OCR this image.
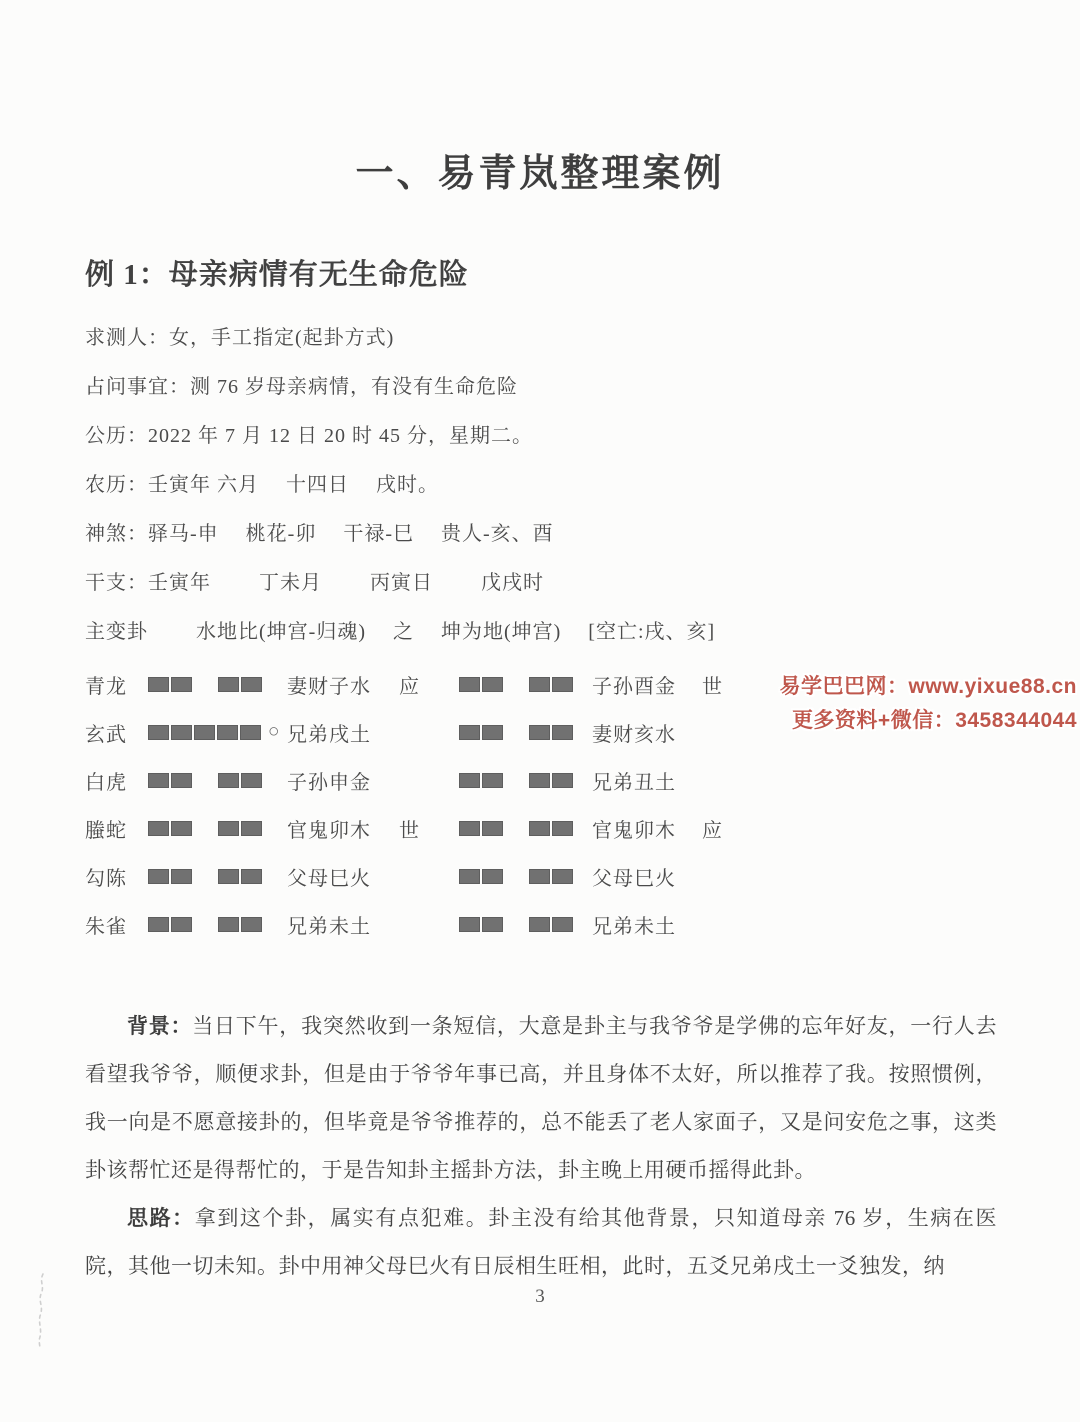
一、易青岚整理案例
例 1：母亲病情有无生命危险
求测人：女，手工指定(起卦方式)
占问事宜：测 76 岁母亲病情，有没有生命危险
公历：2022 年 7 月 12 日 20 时 45 分，星期二。
农历：壬寅年 六月　 十四日　 戌时。
神煞：驿马-申　 桃花-卯　 干禄-巳　 贵人-亥、酉
干支：壬寅年　　 丁未月　　 丙寅日　　 戊戌时
主变卦　　 水地比(坤宫-归魂)　 之　 坤为地(坤宫)　 [空亡:戌、亥]
青龙	妻财子水	应	子孙酉金	世
玄武	○ 兄弟戌土	妻财亥水
白虎	子孙申金	兄弟丑土
螣蛇	官鬼卯木	世	官鬼卯木	应
勾陈	父母巳火	父母巳火
朱雀	兄弟未土	兄弟未土
易学巴巴网：www.yixue88.cn
更多资料+微信：3458344044

背景：当日下午，我突然收到一条短信，大意是卦主与我爷爷是学佛的忘年好友，一行人去看望我爷爷，顺便求卦，但是由于爷爷年事已高，并且身体不太好，所以推荐了我。按照惯例，我一向是不愿意接卦的，但毕竟是爷爷推荐的，总不能丢了老人家面子，又是问安危之事，这类卦该帮忙还是得帮忙的，于是告知卦主摇卦方法，卦主晚上用硬币摇得此卦。

思路：拿到这个卦，属实有点犯难。卦主没有给其他背景，只知道母亲 76 岁，生病在医院，其他一切未知。卦中用神父母巳火有日辰相生旺相，此时，五爻兄弟戌土一爻独发，纳

3
